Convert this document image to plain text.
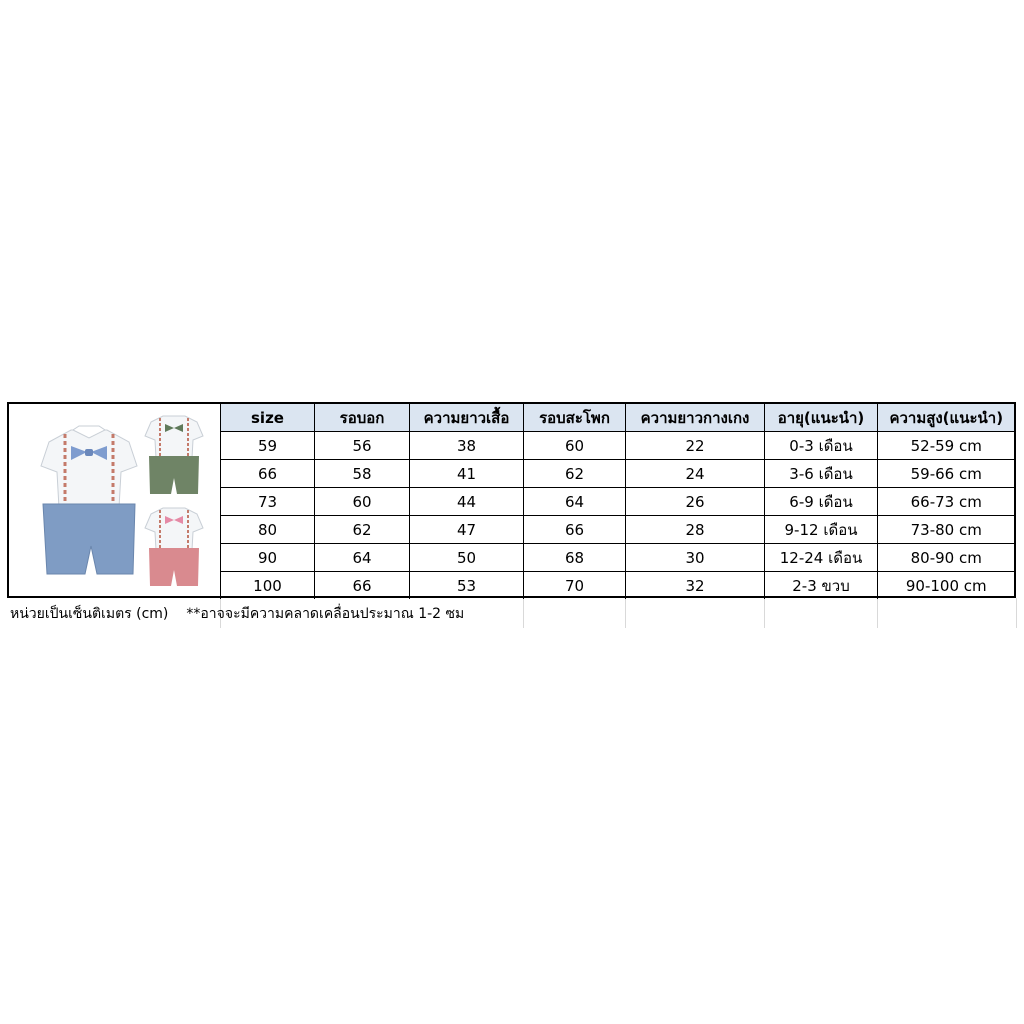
size	รอบอก	ความยาวเสื้อ	รอบสะโพก	ความยาวกางเกง	อายุ(แนะนำ)	ความสูง(แนะนำ)
59	56	38	60	22	0-3 เดือน	52-59 cm
66	58	41	62	24	3-6 เดือน	59-66 cm
73	60	44	64	26	6-9 เดือน	66-73 cm
80	62	47	66	28	9-12 เดือน	73-80 cm
90	64	50	68	30	12-24 เดือน	80-90 cm
100	66	53	70	32	2-3 ขวบ	90-100 cm
หน่วยเป็นเซ็นติเมตร (cm) **อาจจะมีความคลาดเคลื่อนประมาณ 1-2 ซม
